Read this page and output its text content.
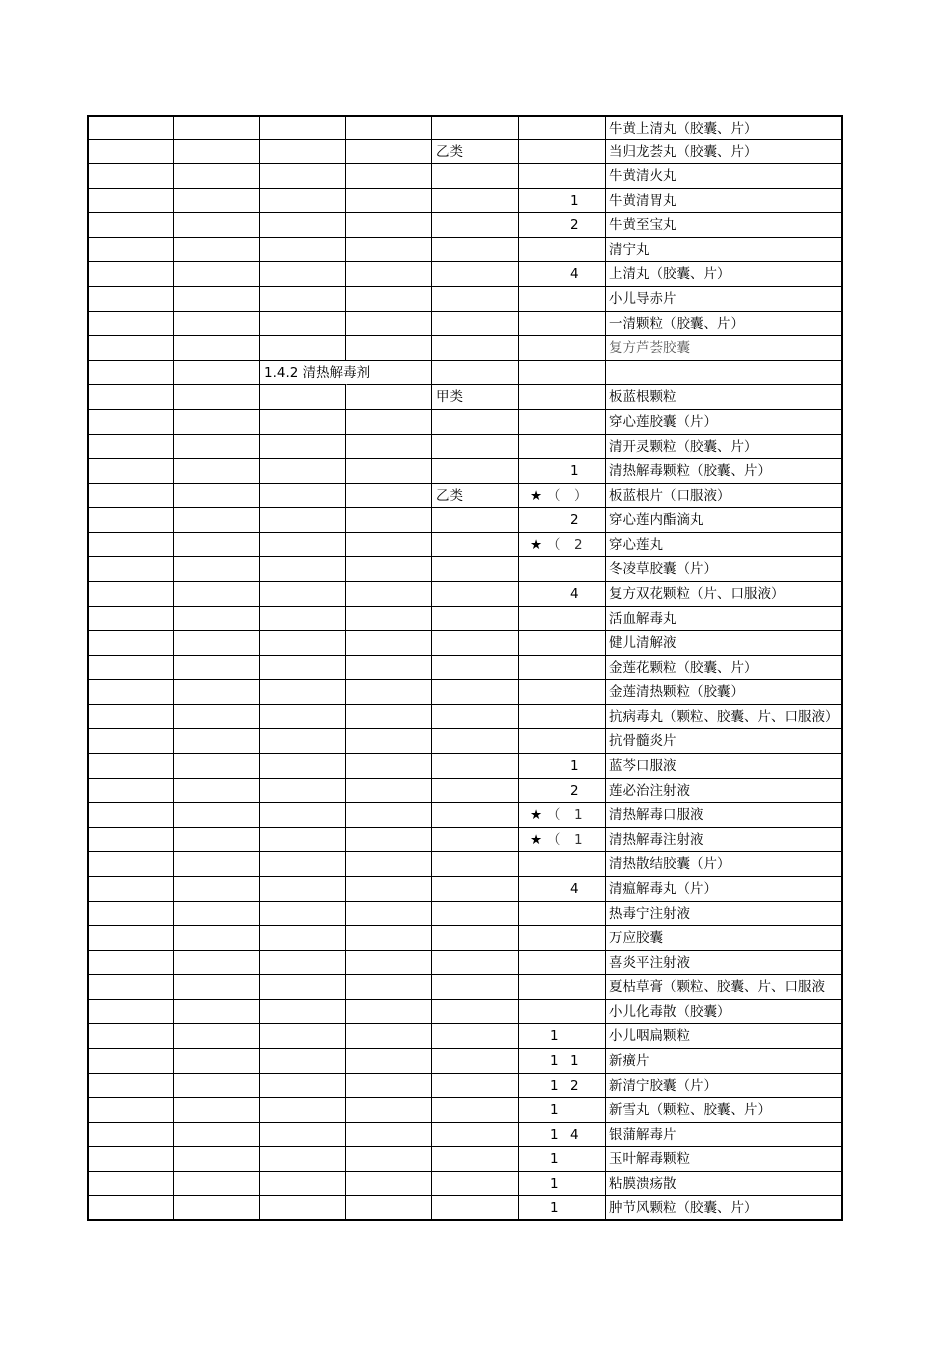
牛黄上清丸（胶囊、片）
乙类	当归龙荟丸（胶囊、片）
牛黄清火丸
1 牛黄清胃丸
2 牛黄至宝丸
清宁丸
4 上清丸（胶囊、片）
小儿导赤片
一清颗粒（胶囊、片）
复方芦荟胶囊
1.4.2 清热解毒剂
甲类	板蓝根颗粒
穿心莲胶囊（片）
清开灵颗粒（胶囊、片）
1 清热解毒颗粒（胶囊、片）
乙类	★ （　） 板蓝根片（口服液）
2 穿心莲内酯滴丸
★ （　2 穿心莲丸
冬凌草胶囊（片）
4 复方双花颗粒（片、口服液）
活血解毒丸
健儿清解液
金莲花颗粒（胶囊、片）
金莲清热颗粒（胶囊）
抗病毒丸（颗粒、胶囊、片、口服液）
抗骨髓炎片
1 蓝芩口服液
2 莲必治注射液
★ （　1 清热解毒口服液
★ （　1 清热解毒注射液
清热散结胶囊（片）
4 清瘟解毒丸（片）
热毒宁注射液
万应胶囊
喜炎平注射液
夏枯草膏（颗粒、胶囊、片、口服液
小儿化毒散（胶囊）
1	小儿咽扁颗粒
1 1 新癀片
1 2 新清宁胶囊（片）
1	新雪丸（颗粒、胶囊、片）
1 4 银蒲解毒片
1	玉叶解毒颗粒
1	粘膜溃疡散
1	肿节风颗粒（胶囊、片）
